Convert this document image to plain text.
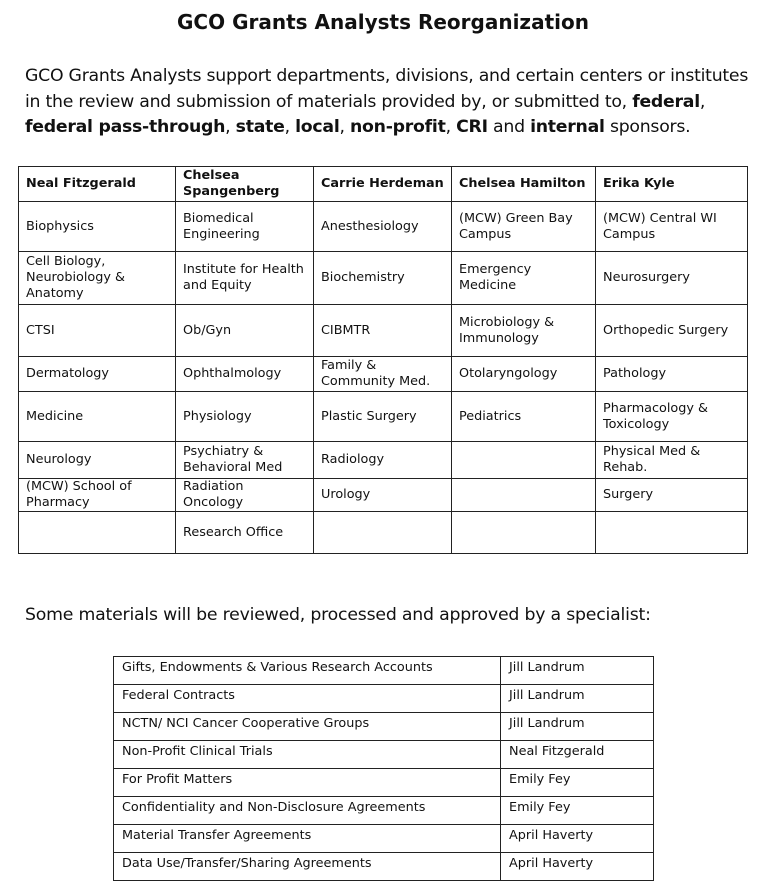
GCO Grants Analysts Reorganization
GCO Grants Analysts support departments, divisions, and certain centers or institutes in the review and submission of materials provided by, or submitted to, federal, federal pass-through, state, local, non-profit, CRI and internal sponsors.
Neal Fitzgerald	Chelsea Spangenberg	Carrie Herdeman	Chelsea Hamilton	Erika Kyle
Biophysics	Biomedical Engineering	Anesthesiology	(MCW) Green Bay Campus	(MCW) Central WI Campus
Cell Biology, Neurobiology & Anatomy	Institute for Health and Equity	Biochemistry	Emergency Medicine	Neurosurgery
CTSI	Ob/Gyn	CIBMTR	Microbiology & Immunology	Orthopedic Surgery
Dermatology	Ophthalmology	Family & Community Med.	Otolaryngology	Pathology
Medicine	Physiology	Plastic Surgery	Pediatrics	Pharmacology & Toxicology
Neurology	Psychiatry & Behavioral Med	Radiology		Physical Med & Rehab.
(MCW) School of Pharmacy	Radiation Oncology	Urology		Surgery
	Research Office			
Some materials will be reviewed, processed and approved by a specialist:
Gifts, Endowments & Various Research Accounts	Jill Landrum
Federal Contracts	Jill Landrum
NCTN/ NCI Cancer Cooperative Groups	Jill Landrum
Non-Profit Clinical Trials	Neal Fitzgerald
For Profit Matters	Emily Fey
Confidentiality and Non-Disclosure Agreements	Emily Fey
Material Transfer Agreements	April Haverty
Data Use/Transfer/Sharing Agreements	April Haverty
